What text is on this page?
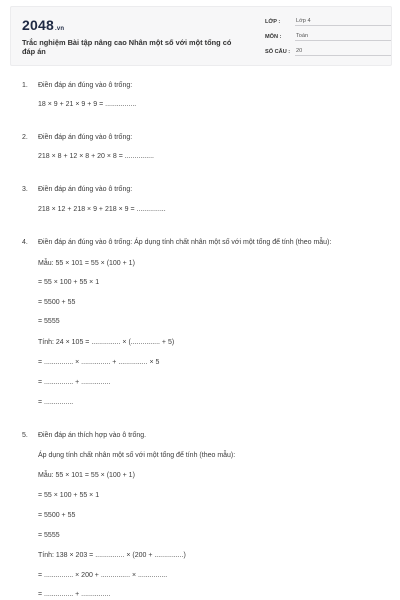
2048.vn
Trắc nghiệm Bài tập nâng cao Nhân một số với một tổng có đáp án
LỚP :	Lớp 4
MÔN :	Toán
SỐ CÂU :	20
1. Điền đáp án đúng vào ô trống:
18 × 9 + 21 × 9 + 9 = ................
2. Điền đáp án đúng vào ô trống:
218 × 8 + 12 × 8 + 20 × 8 = ...............
3. Điền đáp án đúng vào ô trống:
218 × 12 + 218 × 9 + 218 × 9 = ...............
4. Điền đáp án đúng vào ô trống: Áp dụng tính chất nhân một số với một tổng để tính (theo mẫu):
Mẫu: 55 × 101 = 55 × (100 + 1)
= 55 × 100 + 55 × 1
= 5500 + 55
= 5555
Tính: 24 × 105 = ............... × (............... + 5)
= ............... × ............... + ............... × 5
= ............... + ...............
= ...............
5. Điền đáp án thích hợp vào ô trống.
Áp dụng tính chất nhân một số với một tổng để tính (theo mẫu):
Mẫu: 55 × 101 = 55 × (100 + 1)
= 55 × 100 + 55 × 1
= 5500 + 55
= 5555
Tính: 138 × 203 = ............... × (200 + ...............)
= ............... × 200 + ............... × ...............
= ............... + ...............
